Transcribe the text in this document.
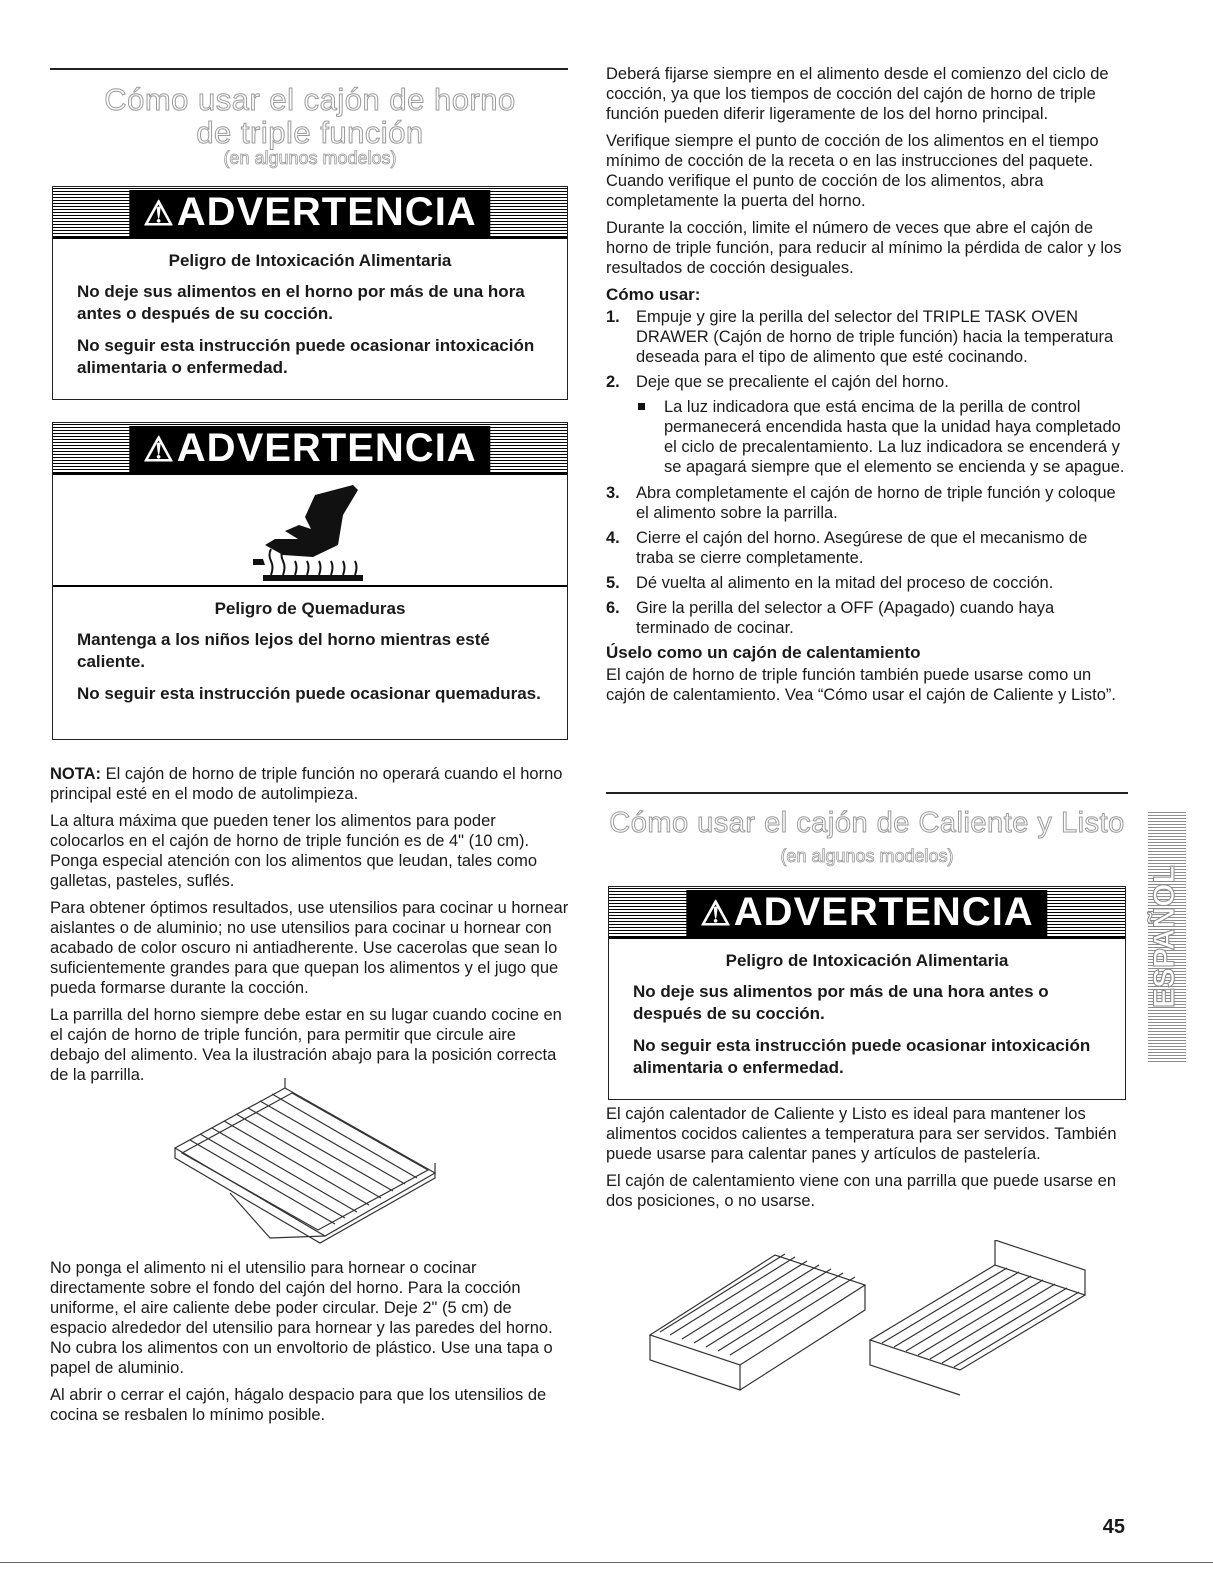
Cómo usar el cajón de horno
de triple función
(en algunos modelos)
⚠ADVERTENCIA
Peligro de Intoxicación Alimentaria
No deje sus alimentos en el horno por más de una hora antes o después de su cocción.
No seguir esta instrucción puede ocasionar intoxicación alimentaria o enfermedad.
⚠ADVERTENCIA
Peligro de Quemaduras
Mantenga a los niños lejos del horno mientras esté caliente.
No seguir esta instrucción puede ocasionar quemaduras.

NOTA: El cajón de horno de triple función no operará cuando el horno principal esté en el modo de autolimpieza.

La altura máxima que pueden tener los alimentos para poder colocarlos en el cajón de horno de triple función es de 4" (10 cm). Ponga especial atención con los alimentos que leudan, tales como galletas, pasteles, suflés.

Para obtener óptimos resultados, use utensilios para cocinar u hornear aislantes o de aluminio; no use utensilios para cocinar u hornear con acabado de color oscuro ni antiadherente. Use cacerolas que sean lo suficientemente grandes para que quepan los alimentos y el jugo que pueda formarse durante la cocción.

La parrilla del horno siempre debe estar en su lugar cuando cocine en el cajón de horno de triple función, para permitir que circule aire debajo del alimento. Vea la ilustración abajo para la posición correcta de la parrilla.

No ponga el alimento ni el utensilio para hornear o cocinar directamente sobre el fondo del cajón del horno. Para la cocción uniforme, el aire caliente debe poder circular. Deje 2" (5 cm) de espacio alrededor del utensilio para hornear y las paredes del horno. No cubra los alimentos con un envoltorio de plástico. Use una tapa o papel de aluminio.

Al abrir o cerrar el cajón, hágalo despacio para que los utensilios de cocina se resbalen lo mínimo posible.

Deberá fijarse siempre en el alimento desde el comienzo del ciclo de cocción, ya que los tiempos de cocción del cajón de horno de triple función pueden diferir ligeramente de los del horno principal.

Verifique siempre el punto de cocción de los alimentos en el tiempo mínimo de cocción de la receta o en las instrucciones del paquete. Cuando verifique el punto de cocción de los alimentos, abra completamente la puerta del horno.

Durante la cocción, limite el número de veces que abre el cajón de horno de triple función, para reducir al mínimo la pérdida de calor y los resultados de cocción desiguales.

Cómo usar:
1. Empuje y gire la perilla del selector del TRIPLE TASK OVEN DRAWER (Cajón de horno de triple función) hacia la temperatura deseada para el tipo de alimento que esté cocinando.
2. Deje que se precaliente el cajón del horno.
La luz indicadora que está encima de la perilla de control permanecerá encendida hasta que la unidad haya completado el ciclo de precalentamiento. La luz indicadora se encenderá y se apagará siempre que el elemento se encienda y se apague.
3. Abra completamente el cajón de horno de triple función y coloque el alimento sobre la parrilla.
4. Cierre el cajón del horno. Asegúrese de que el mecanismo de traba se cierre completamente.
5. Dé vuelta al alimento en la mitad del proceso de cocción.
6. Gire la perilla del selector a OFF (Apagado) cuando haya terminado de cocinar.
Úselo como un cajón de calentamiento

El cajón de horno de triple función también puede usarse como un cajón de calentamiento. Vea “Cómo usar el cajón de Caliente y Listo”.

Cómo usar el cajón de Caliente y Listo
(en algunos modelos)
⚠ADVERTENCIA
Peligro de Intoxicación Alimentaria
No deje sus alimentos por más de una hora antes o después de su cocción.
No seguir esta instrucción puede ocasionar intoxicación alimentaria o enfermedad.

El cajón calentador de Caliente y Listo es ideal para mantener los alimentos cocidos calientes a temperatura para ser servidos. También puede usarse para calentar panes y artículos de pastelería.

El cajón de calentamiento viene con una parrilla que puede usarse en dos posiciones, o no usarse.

ESPAÑOL
45
